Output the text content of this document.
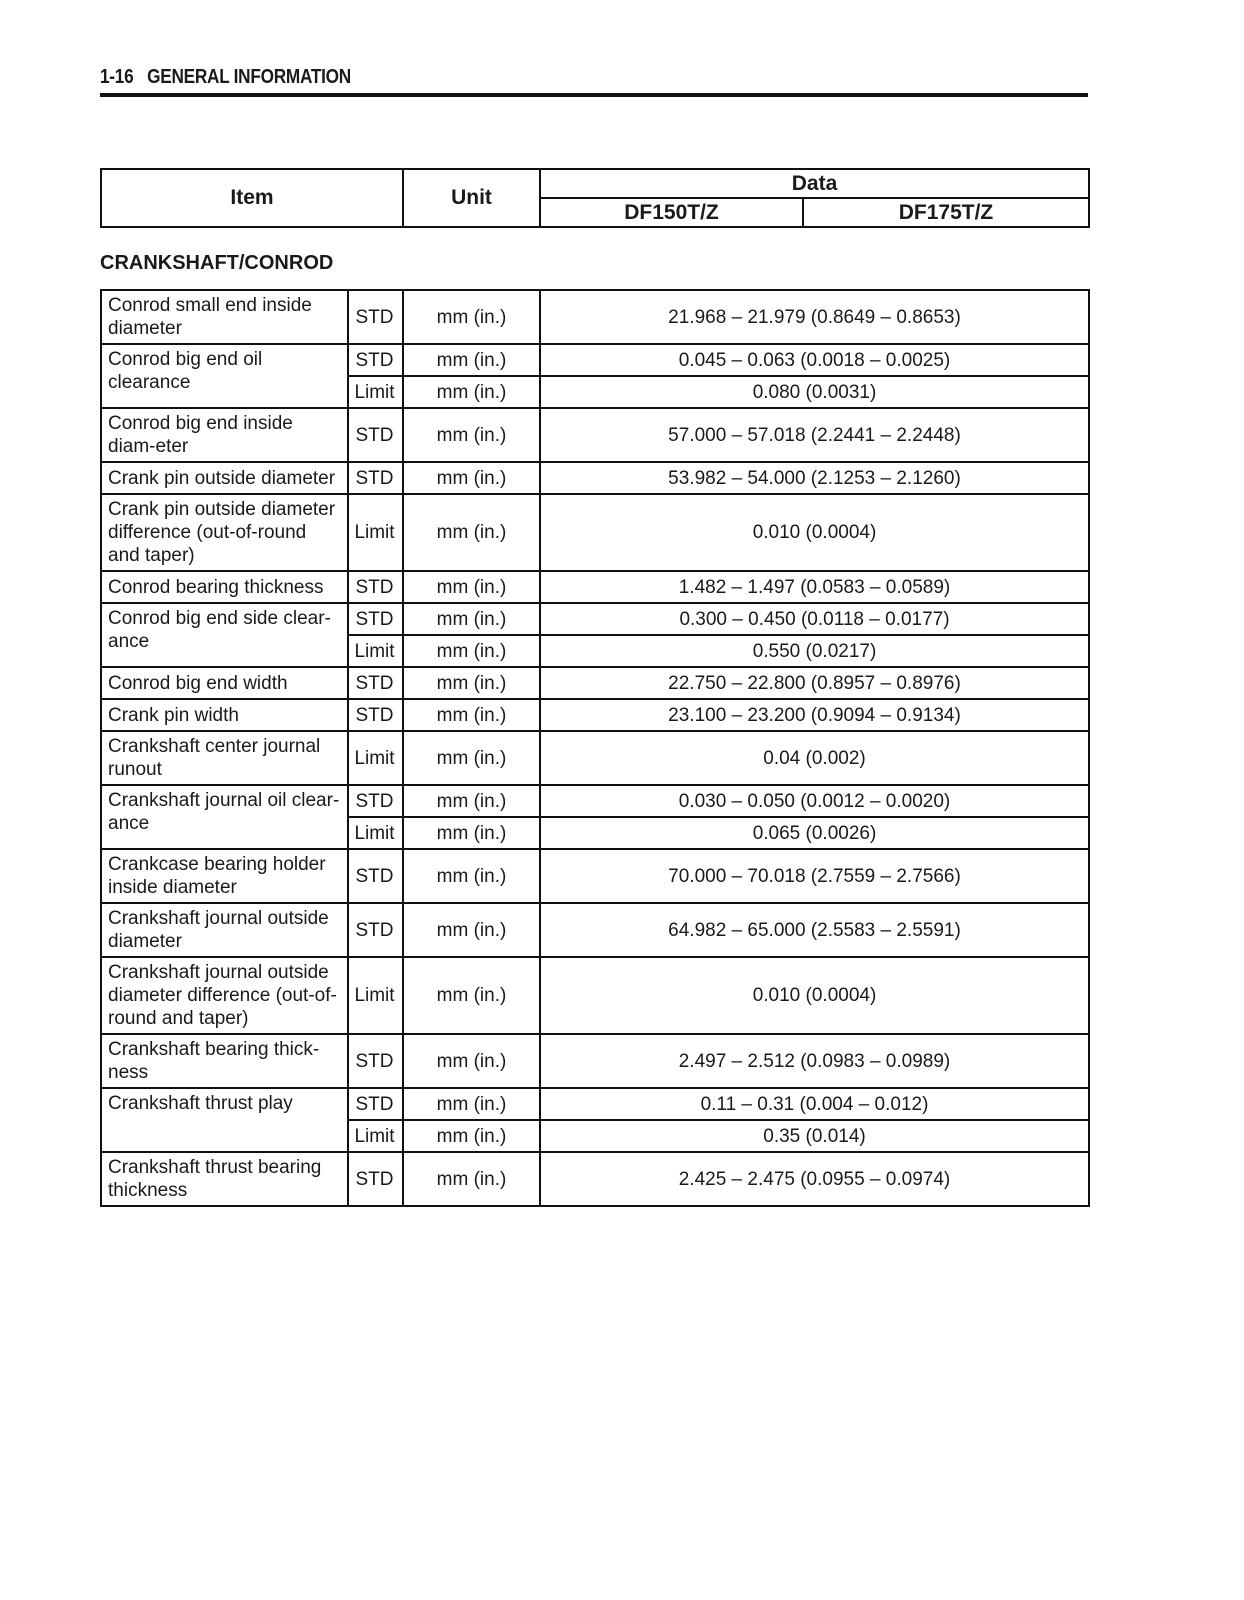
1-16 GENERAL INFORMATION
Item	Unit	Data	
		DF150T/Z	DF175T/Z
CRANKSHAFT/CONROD
Conrod small end inside diameter	STD	mm (in.)	21.968 – 21.979 (0.8649 – 0.8653)
Conrod big end oil clearance	STD	mm (in.)	0.045 – 0.063 (0.0018 – 0.0025)
	Limit	mm (in.)	0.080 (0.0031)
Conrod big end inside diam-eter	STD	mm (in.)	57.000 – 57.018 (2.2441 – 2.2448)
Crank pin outside diameter	STD	mm (in.)	53.982 – 54.000 (2.1253 – 2.1260)
Crank pin outside diameter difference (out-of-round and taper)	Limit	mm (in.)	0.010 (0.0004)
Conrod bearing thickness	STD	mm (in.)	1.482 – 1.497 (0.0583 – 0.0589)
Conrod big end side clear-ance	STD	mm (in.)	0.300 – 0.450 (0.0118 – 0.0177)
	Limit	mm (in.)	0.550 (0.0217)
Conrod big end width	STD	mm (in.)	22.750 – 22.800 (0.8957 – 0.8976)
Crank pin width	STD	mm (in.)	23.100 – 23.200 (0.9094 – 0.9134)
Crankshaft center journal runout	Limit	mm (in.)	0.04 (0.002)
Crankshaft journal oil clear-ance	STD	mm (in.)	0.030 – 0.050 (0.0012 – 0.0020)
	Limit	mm (in.)	0.065 (0.0026)
Crankcase bearing holder inside diameter	STD	mm (in.)	70.000 – 70.018 (2.7559 – 2.7566)
Crankshaft journal outside diameter	STD	mm (in.)	64.982 – 65.000 (2.5583 – 2.5591)
Crankshaft journal outside diameter difference (out-of-round and taper)	Limit	mm (in.)	0.010 (0.0004)
Crankshaft bearing thick-ness	STD	mm (in.)	2.497 – 2.512 (0.0983 – 0.0989)
Crankshaft thrust play	STD	mm (in.)	0.11 – 0.31 (0.004 – 0.012)
	Limit	mm (in.)	0.35 (0.014)
Crankshaft thrust bearing thickness	STD	mm (in.)	2.425 – 2.475 (0.0955 – 0.0974)
